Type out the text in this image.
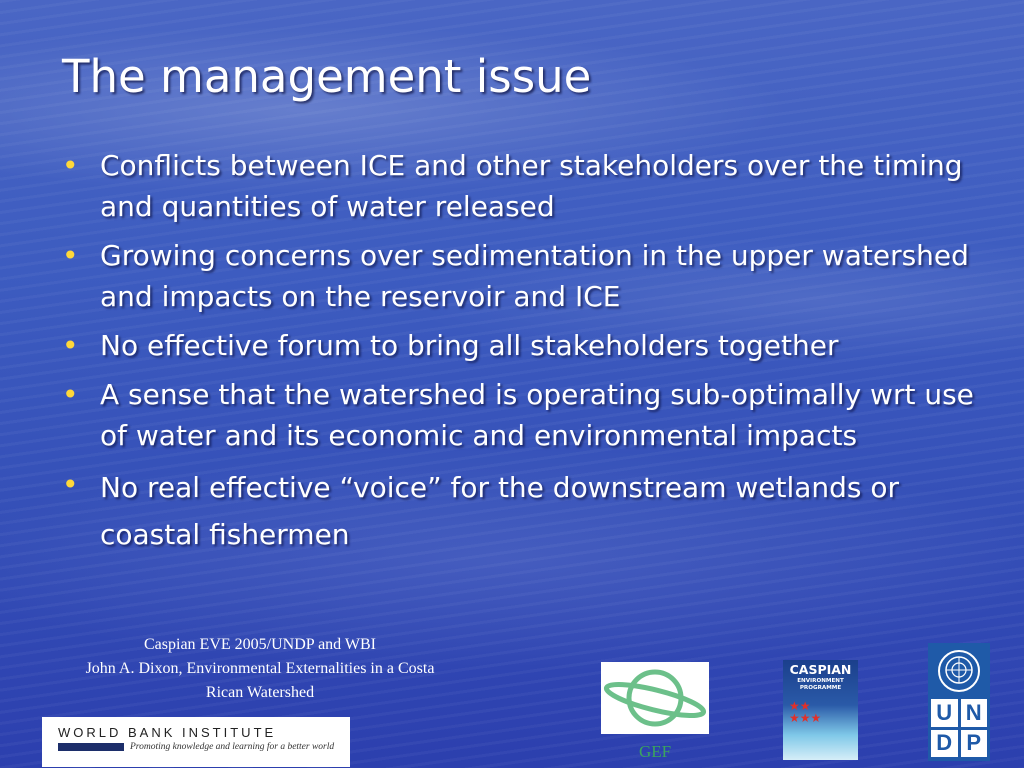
The management issue
• Conflicts between ICE and other stakeholders over the timing and quantities of water released
• Growing concerns over sedimentation in the upper watershed and impacts on the reservoir and ICE
• No effective forum to bring all stakeholders together
• A sense that the watershed is operating sub-optimally wrt use of water and its economic and environmental impacts
• No real effective “voice” for the downstream wetlands or coastal fishermen
Caspian EVE 2005/UNDP and WBI
John A. Dixon, Environmental Externalities in a Costa
Rican Watershed
WORLD BANK INSTITUTE
Promoting knowledge and learning for a better world	GEF
CASPIAN
ENVIRONMENT
PROGRAMME
★★
★★★	U N
D P
